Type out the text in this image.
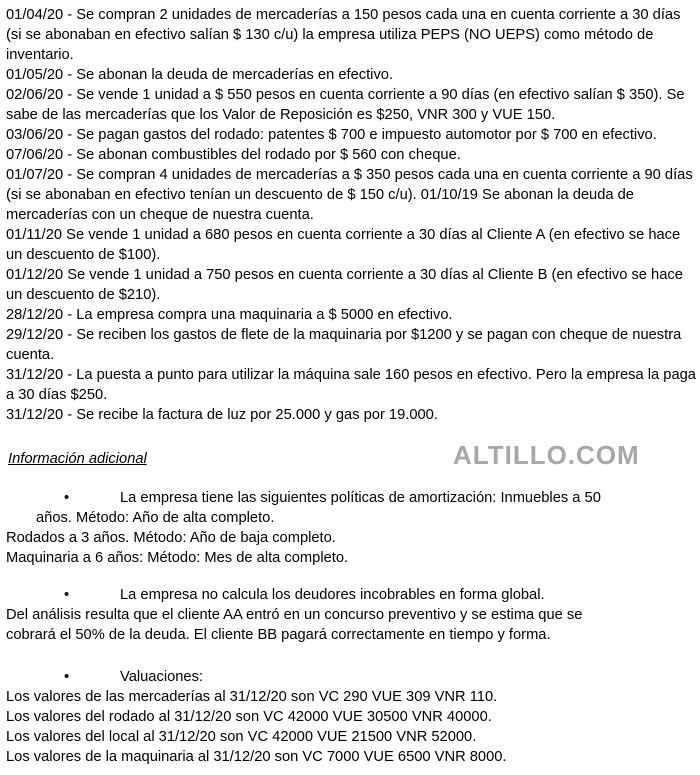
01/04/20 - Se compran 2 unidades de mercaderías a 150 pesos cada una en cuenta corriente a 30 días (si se abonaban en efectivo salían $ 130 c/u) la empresa utiliza PEPS (NO UEPS) como método de inventario.

01/05/20 - Se abonan la deuda de mercaderías en efectivo.

02/06/20 - Se vende 1 unidad a $ 550 pesos en cuenta corriente a 90 días (en efectivo salían $ 350). Se sabe de las mercaderías que los Valor de Reposición es $250, VNR 300 y VUE 150.

03/06/20 - Se pagan gastos del rodado: patentes $ 700 e impuesto automotor por $ 700 en efectivo.

07/06/20 - Se abonan combustibles del rodado por $ 560 con cheque.

01/07/20 - Se compran 4 unidades de mercaderías a $ 350 pesos cada una en cuenta corriente a 90 días (si se abonaban en efectivo tenían un descuento de $ 150 c/u). 01/10/19 Se abonan la deuda de mercaderías con un cheque de nuestra cuenta.

01/11/20 Se vende 1 unidad a 680 pesos en cuenta corriente a 30 días al Cliente A (en efectivo se hace un descuento de $100).

01/12/20 Se vende 1 unidad a 750 pesos en cuenta corriente a 30 días al Cliente B (en efectivo se hace un descuento de $210).

28/12/20 - La empresa compra una maquinaria a $ 5000 en efectivo.

29/12/20 - Se reciben los gastos de flete de la maquinaria por $1200 y se pagan con cheque de nuestra cuenta.

31/12/20 - La puesta a punto para utilizar la máquina sale 160 pesos en efectivo. Pero la empresa la paga a 30 días $250.

31/12/20 - Se recibe la factura de luz por 25.000 y gas por 19.000.

Información adicional	ALTILLO.COM
•	La empresa tiene las siguientes políticas de amortización: Inmuebles a 50
años. Método: Año de alta completo.
Rodados a 3 años. Método: Año de baja completo.
Maquinaria a 6 años: Método: Mes de alta completo.
•	La empresa no calcula los deudores incobrables en forma global.
Del análisis resulta que el cliente AA entró en un concurso preventivo y se estima que se
cobrará el 50% de la deuda. El cliente BB pagará correctamente en tiempo y forma.
•	Valuaciones:
Los valores de las mercaderías al 31/12/20 son VC 290 VUE 309 VNR 110.
Los valores del rodado al 31/12/20 son VC 42000 VUE 30500 VNR 40000.
Los valores del local al 31/12/20 son VC 42000 VUE 21500 VNR 52000.
Los valores de la maquinaria al 31/12/20 son VC 7000 VUE 6500 VNR 8000.
